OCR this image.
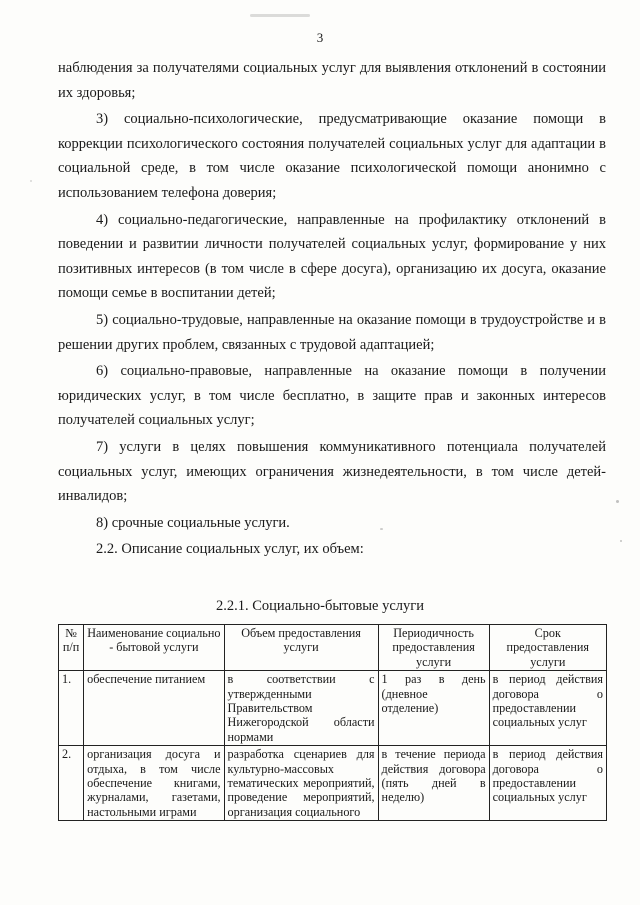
3

наблюдения за получателями социальных услуг для выявления отклонений в состоянии их здоровья;

3) социально-психологические, предусматривающие оказание помощи в коррекции психологического состояния получателей социальных услуг для адаптации в социальной среде, в том числе оказание психологической помощи анонимно с использованием телефона доверия;

4) социально-педагогические, направленные на профилактику отклонений в поведении и развитии личности получателей социальных услуг, формирование у них позитивных интересов (в том числе в сфере досуга), организацию их досуга, оказание помощи семье в воспитании детей;

5) социально-трудовые, направленные на оказание помощи в трудоустройстве и в решении других проблем, связанных с трудовой адаптацией;

6) социально-правовые, направленные на оказание помощи в получении юридических услуг, в том числе бесплатно, в защите прав и законных интересов получателей социальных услуг;

7) услуги в целях повышения коммуникативного потенциала получателей социальных услуг, имеющих ограничения жизнедеятельности, в том числе детей-инвалидов;

8) срочные социальные услуги.

2.2. Описание социальных услуг, их объем:

2.2.1. Социально-бытовые услуги
№ п/п	Наименование социально - бытовой услуги	Объем предоставления услуги	Периодичность предоставления услуги	Срок предоставления услуги
1.	обеспечение питанием	в соответствии с утвержденными Правительством Нижегородской области нормами	1 раз в день (дневное отделение)	в период действия договора о предоставлении социальных услуг
2.	организация досуга и отдыха, в том числе обеспечение книгами, журналами, газетами, настольными играми	разработка сценариев для культурно-массовых тематических мероприятий, проведение мероприятий, организация социального	в течение периода действия договора (пять дней в неделю)	в период действия договора о предоставлении социальных услуг
